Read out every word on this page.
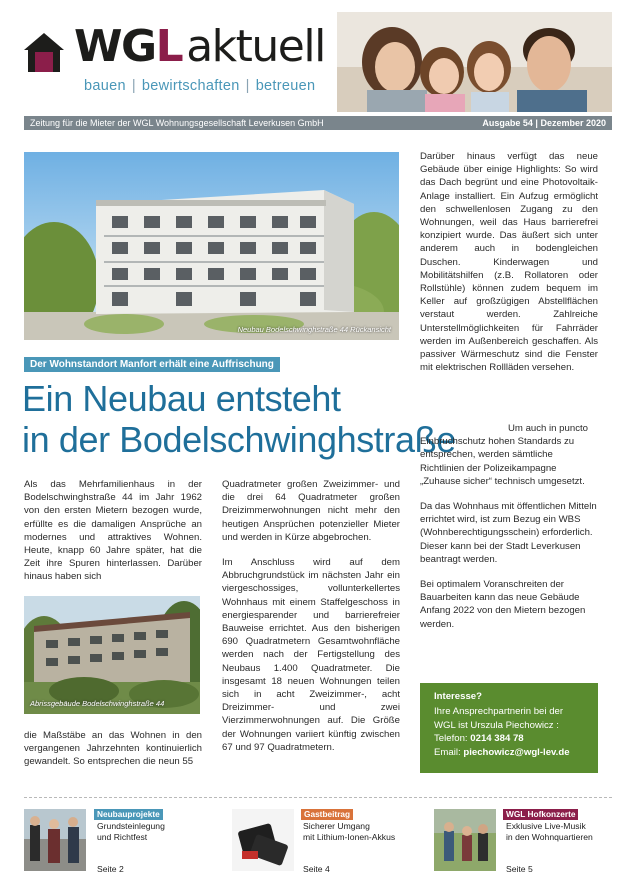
WGLaktuell
bauen | bewirtschaften | betreuen
Zeitung für die Mieter der WGL Wohnungsgesellschaft Leverkusen GmbH	Ausgabe 54 | Dezember 2020
Neubau Bodelschwinghstraße 44 Rückansicht
Der Wohnstandort Manfort erhält eine Auffrischung
Ein Neubau entsteht
in der Bodelschwinghstraße

Als das Mehrfamilienhaus in der Bodelschwinghstraße 44 im Jahr 1962 von den ersten Mietern bezogen wurde, erfüllte es die damaligen Ansprüche an modernes und attraktives Wohnen. Heute, knapp 60 Jahre später, hat die Zeit ihre Spuren hinterlassen. Darüber hinaus haben sich

Abrissgebäude Bodelschwinghstraße 44

die Maßstäbe an das Wohnen in den vergangenen Jahrzehnten kontinuierlich gewandelt. So entsprechen die neun 55

Quadratmeter großen Zweizimmer- und die drei 64 Quadratmeter großen Dreizimmerwohnungen nicht mehr den heutigen Ansprüchen potenzieller Mieter und werden in Kürze abgebrochen.

Im Anschluss wird auf dem Abbruchgrundstück im nächsten Jahr ein viergeschossiges, vollunterkellertes Wohnhaus mit einem Staffelgeschoss in energiesparender und barrierefreier Bauweise errichtet. Aus den bisherigen 690 Quadratmetern Gesamtwohnfläche werden nach der Fertigstellung des Neubaus 1.400 Quadratmeter. Die insgesamt 18 neuen Wohnungen teilen sich in acht Zweizimmer-, acht Dreizimmer- und zwei Vierzimmerwohnungen auf. Die Größe der Wohnungen variiert künftig zwischen 67 und 97 Quadratmetern.

Darüber hinaus verfügt das neue Gebäude über einige Highlights: So wird das Dach begrünt und eine Photovoltaik-Anlage installiert. Ein Aufzug ermöglicht den schwellenlosen Zugang zu den Wohnungen, weil das Haus barrierefrei konzipiert wurde. Das äußert sich unter anderem auch in bodengleichen Duschen. Kinderwagen und Mobilitätshilfen (z.B. Rollatoren oder Rollstühle) können zudem bequem im Keller auf großzügigen Abstellflächen verstaut werden. Zahlreiche Unterstellmöglichkeiten für Fahrräder werden im Außenbereich geschaffen. Als passiver Wärmeschutz sind die Fenster mit elektrischen Rollläden versehen.

Um auch in puncto Einbruchschutz hohen Standards zu entsprechen, werden sämtliche Richtlinien der Polizeikampagne „Zuhause sicher“ technisch umgesetzt.

Da das Wohnhaus mit öffentlichen Mitteln errichtet wird, ist zum Bezug ein WBS (Wohnberechtigungsschein) erforderlich. Dieser kann bei der Stadt Leverkusen beantragt werden.

Bei optimalem Voranschreiten der Bauarbeiten kann das neue Gebäude Anfang 2022 von den Mietern bezogen werden.

Interesse?
Ihre Ansprechpartnerin bei der WGL ist Urszula Piechowicz :
Telefon: 0214 384 78
Email: piechowicz@wgl-lev.de
Neubauprojekte
Grundsteinlegung
und Richtfest
Seite 2
Gastbeitrag
Sicherer Umgang
mit Lithium-Ionen-Akkus
Seite 4
WGL Hofkonzerte
Exklusive Live-Musik
in den Wohnquartieren
Seite 5
